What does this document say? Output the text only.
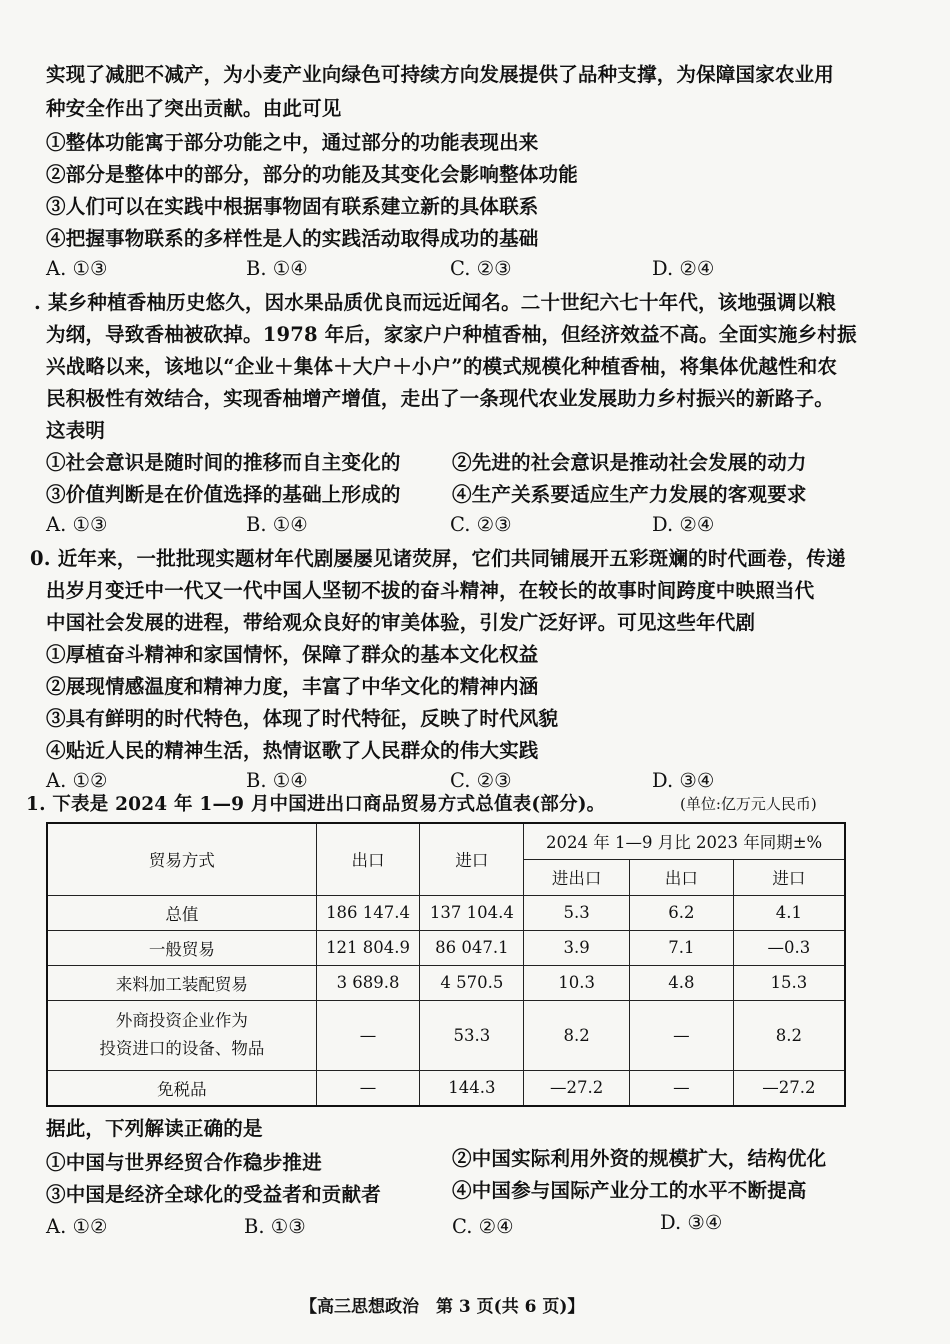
实现了减肥不减产，为小麦产业向绿色可持续方向发展提供了品种支撑，为保障国家农业用
种安全作出了突出贡献。由此可见
①整体功能寓于部分功能之中，通过部分的功能表现出来
②部分是整体中的部分，部分的功能及其变化会影响整体功能
③人们可以在实践中根据事物固有联系建立新的具体联系
④把握事物联系的多样性是人的实践活动取得成功的基础
A. ①③	B. ①④	C. ②③	D. ②④
. 某乡种植香柚历史悠久，因水果品质优良而远近闻名。二十世纪六七十年代，该地强调以粮
为纲，导致香柚被砍掉。1978 年后，家家户户种植香柚，但经济效益不高。全面实施乡村振
兴战略以来，该地以“企业＋集体＋大户＋小户”的模式规模化种植香柚，将集体优越性和农
民积极性有效结合，实现香柚增产增值，走出了一条现代农业发展助力乡村振兴的新路子。
这表明
①社会意识是随时间的推移而自主变化的	②先进的社会意识是推动社会发展的动力
③价值判断是在价值选择的基础上形成的	④生产关系要适应生产力发展的客观要求
A. ①③	B. ①④	C. ②③	D. ②④
0. 近年来，一批批现实题材年代剧屡屡见诸荧屏，它们共同铺展开五彩斑斓的时代画卷，传递
出岁月变迁中一代又一代中国人坚韧不拔的奋斗精神，在较长的故事时间跨度中映照当代
中国社会发展的进程，带给观众良好的审美体验，引发广泛好评。可见这些年代剧
①厚植奋斗精神和家国情怀，保障了群众的基本文化权益
②展现情感温度和精神力度，丰富了中华文化的精神内涵
③具有鲜明的时代特色，体现了时代特征，反映了时代风貌
④贴近人民的精神生活，热情讴歌了人民群众的伟大实践
A. ①②	B. ①④	C. ②③	D. ③④
1. 下表是 2024 年 1—9 月中国进出口商品贸易方式总值表(部分)。	(单位:亿万元人民币)
贸易方式	出口	进口	2024 年 1—9 月比 2023 年同期±%		
			进出口	出口	进口
总值	186 147.4	137 104.4	5.3	6.2	4.1
一般贸易	121 804.9	86 047.1	3.9	7.1	—0.3
来料加工装配贸易	3 689.8	4 570.5	10.3	4.8	15.3

外商投资企业作为
投资进口的设备、物品	—	53.3	8.2	—	8.2
免税品	—	144.3	—27.2	—	—27.2
据此，下列解读正确的是
①中国与世界经贸合作稳步推进	②中国实际利用外资的规模扩大，结构优化
③中国是经济全球化的受益者和贡献者	④中国参与国际产业分工的水平不断提高
A. ①②	B. ①③	C. ②④	D. ③④
【高三思想政治　第 3 页(共 6 页)】
